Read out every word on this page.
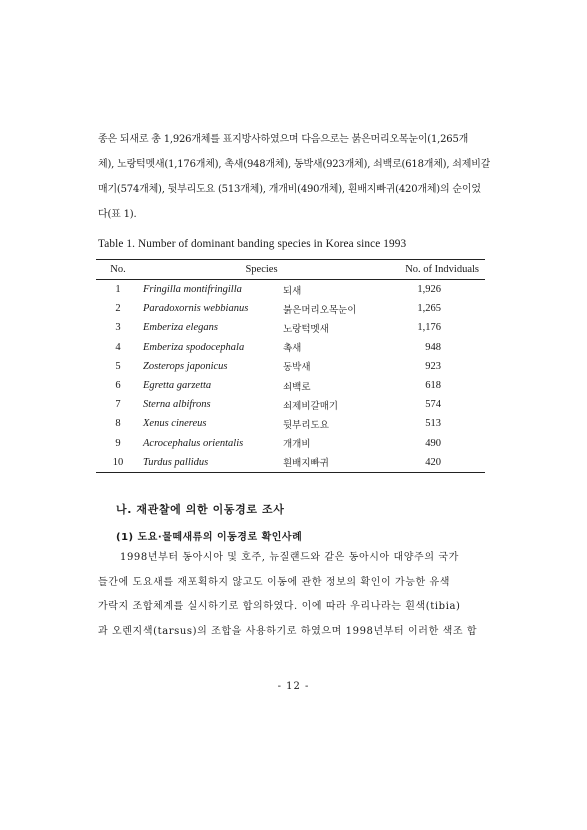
종은 되새로 총 1,926개체를 표지방사하였으며 다음으로는 붉은머리오목눈이(1,265개
체), 노랑턱멧새(1,176개체), 촉새(948개체), 동박새(923개체), 쇠백로(618개체), 쇠제비갈
매기(574개체), 뒷부리도요 (513개체), 개개비(490개체), 흰배지빠귀(420개체)의 순이었
다(표 1).
Table 1. Number of dominant banding species in Korea since 1993
No.	Species		No. of Indviduals
1	Fringilla montifringilla	되새	1,926
2	Paradoxornis webbianus	붉은머리오목눈이	1,265
3	Emberiza elegans	노랑턱멧새	1,176
4	Emberiza spodocephala	촉새	948
5	Zosterops japonicus	동박새	923
6	Egretta garzetta	쇠백로	618
7	Sterna albifrons	쇠제비갈매기	574
8	Xenus cinereus	뒷부리도요	513
9	Acrocephalus orientalis	개개비	490
10	Turdus pallidus	흰배지빠귀	420
나. 재관찰에 의한 이동경로 조사
(1) 도요·물떼새류의 이동경로 확인사례
1998년부터 동아시아 및 호주, 뉴질랜드와 같은 동아시아 대양주의 국가
들간에 도요새를 재포획하지 않고도 이동에 관한 정보의 확인이 가능한 유색
가락지 조합체계를 실시하기로 합의하였다. 이에 따라 우리나라는 흰색(tibia)
과 오렌지색(tarsus)의 조합을 사용하기로 하였으며 1998년부터 이러한 색조 합
- 12 -
